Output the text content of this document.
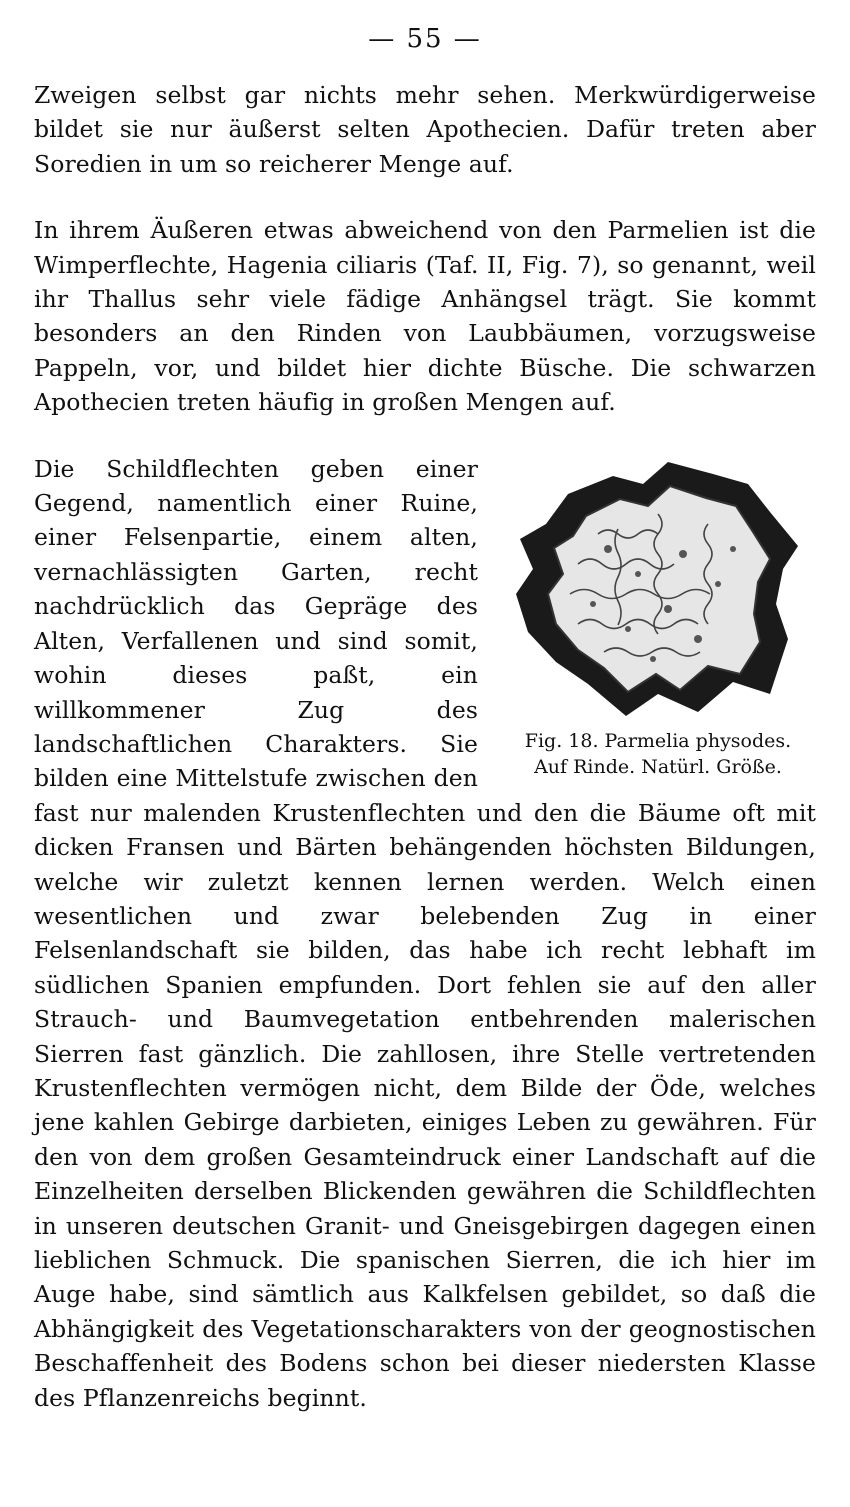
— 55 —

Zweigen selbst gar nichts mehr sehen. Merkwürdigerweise bildet sie nur äußerst selten Apothecien. Dafür treten aber Soredien in um so reicherer Menge auf.

In ihrem Äußeren etwas abweichend von den Parmelien ist die Wimperflechte, Hagenia ciliaris (Taf. II, Fig. 7), so genannt, weil ihr Thallus sehr viele fädige Anhängsel trägt. Sie kommt besonders an den Rinden von Laubbäumen, vorzugsweise Pappeln, vor, und bildet hier dichte Büsche. Die schwarzen Apothecien treten häufig in großen Mengen auf.

Fig. 18. Parmelia physodes.
Auf Rinde. Natürl. Größe.

Die Schildflechten geben einer Gegend, namentlich einer Ruine, einer Felsenpartie, einem alten, vernachlässigten Garten, recht nachdrücklich das Gepräge des Alten, Verfallenen und sind somit, wohin dieses paßt, ein willkommener Zug des landschaftlichen Charakters. Sie bilden eine Mittelstufe zwischen den fast nur malenden Krustenflechten und den die Bäume oft mit dicken Fransen und Bärten behängenden höchsten Bildungen, welche wir zuletzt kennen lernen werden. Welch einen wesentlichen und zwar belebenden Zug in einer Felsenlandschaft sie bilden, das habe ich recht lebhaft im südlichen Spanien empfunden. Dort fehlen sie auf den aller Strauch- und Baumvegetation entbehrenden malerischen Sierren fast gänzlich. Die zahllosen, ihre Stelle vertretenden Krustenflechten vermögen nicht, dem Bilde der Öde, welches jene kahlen Gebirge darbieten, einiges Leben zu gewähren. Für den von dem großen Gesamteindruck einer Landschaft auf die Einzelheiten derselben Blickenden gewähren die Schildflechten in unseren deutschen Granit- und Gneisgebirgen dagegen einen lieblichen Schmuck. Die spanischen Sierren, die ich hier im Auge habe, sind sämtlich aus Kalkfelsen gebildet, so daß die Abhängigkeit des Vegetationscharakters von der geognostischen Beschaffenheit des Bodens schon bei dieser niedersten Klasse des Pflanzenreichs beginnt.
